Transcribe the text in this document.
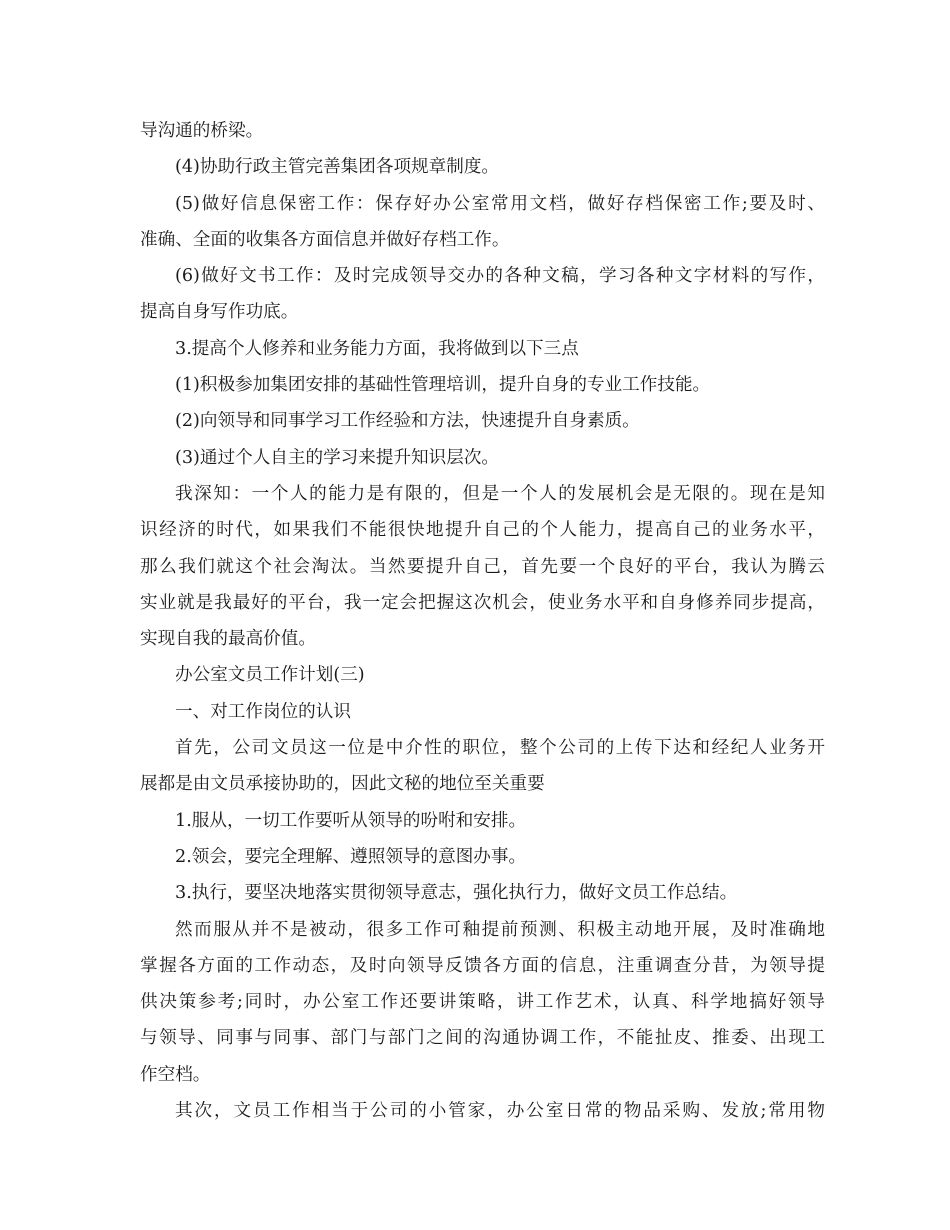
导沟通的桥梁。
(4)协助行政主管完善集团各项规章制度。
(5)做好信息保密工作：保存好办公室常用文档，做好存档保密工作;要及时、
准确、全面的收集各方面信息并做好存档工作。
(6)做好文书工作：及时完成领导交办的各种文稿，学习各种文字材料的写作，
提高自身写作功底。
3.提高个人修养和业务能力方面，我将做到以下三点
(1)积极参加集团安排的基础性管理培训，提升自身的专业工作技能。
(2)向领导和同事学习工作经验和方法，快速提升自身素质。
(3)通过个人自主的学习来提升知识层次。
我深知：一个人的能力是有限的，但是一个人的发展机会是无限的。现在是知
识经济的时代，如果我们不能很快地提升自己的个人能力，提高自己的业务水平，
那么我们就这个社会淘汰。当然要提升自己，首先要一个良好的平台，我认为腾云
实业就是我最好的平台，我一定会把握这次机会，使业务水平和自身修养同步提高，
实现自我的最高价值。
办公室文员工作计划(三)
一、对工作岗位的认识
首先，公司文员这一位是中介性的职位，整个公司的上传下达和经纪人业务开
展都是由文员承接协助的，因此文秘的地位至关重要
1.服从，一切工作要听从领导的吩咐和安排。
2.领会，要完全理解、遵照领导的意图办事。
3.执行，要坚决地落实贯彻领导意志，强化执行力，做好文员工作总结。
然而服从并不是被动，很多工作可釉提前预测、积极主动地开展，及时准确地
掌握各方面的工作动态，及时向领导反馈各方面的信息，注重调查分昔，为领导提
供决策参考;同时，办公室工作还要讲策略，讲工作艺术，认真、科学地搞好领导
与领导、同事与同事、部门与部门之间的沟通协调工作，不能扯皮、推委、出现工
作空档。
其次，文员工作相当于公司的小管家，办公室日常的物品采购、发放;常用物
